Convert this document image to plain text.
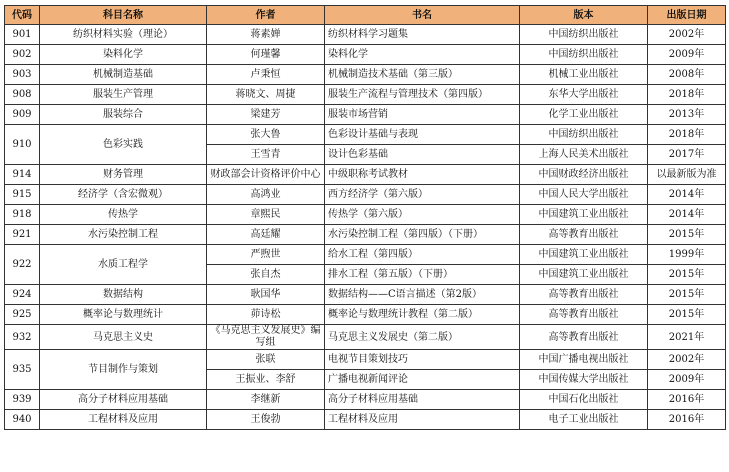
代码	科目名称	作者	书名	版本	出版日期
901	纺织材料实验（理论）	蒋素婵	纺织材料学习题集	中国纺织出版社	2002年
902	染料化学	何瑾馨	染料化学	中国纺织出版社	2009年
903	机械制造基础	卢秉恒	机械制造技术基础（第三版）	机械工业出版社	2008年
908	服装生产管理	蒋晓文、周捷	服装生产流程与管理技术（第四版）	东华大学出版社	2018年
909	服装综合	梁建芳	服装市场营销	化学工业出版社	2013年
910	色彩实践	张大鲁	色彩设计基础与表现	中国纺织出版社	2018年
		王雪青	设计色彩基础	上海人民美术出版社	2017年
914	财务管理	财政部会计资格评价中心	中级职称考试教材	中国财政经济出版社	以最新版为准
915	经济学（含宏微观）	高鸿业	西方经济学（第六版）	中国人民大学出版社	2014年
918	传热学	章熙民	传热学（第六版）	中国建筑工业出版社	2014年
921	水污染控制工程	高廷耀	水污染控制工程（第四版）（下册）	高等教育出版社	2015年
922	水质工程学	严煦世	给水工程（第四版）	中国建筑工业出版社	1999年
		张自杰	排水工程（第五版）（下册）	中国建筑工业出版社	2015年
924	数据结构	耿国华	数据结构——C语言描述（第2版）	高等教育出版社	2015年
925	概率论与数理统计	茆诗松	概率论与数理统计教程（第二版）	高等教育出版社	2015年
932	马克思主义史	《马克思主义发展史》编写组	马克思主义发展史（第二版）	高等教育出版社	2021年
935	节目制作与策划	张联	电视节目策划技巧	中国广播电视出版社	2002年
		王振业、李舒	广播电视新闻评论	中国传媒大学出版社	2009年
939	高分子材料应用基础	李继新	高分子材料应用基础	中国石化出版社	2016年
940	工程材料及应用	王俊勃	工程材料及应用	电子工业出版社	2016年
